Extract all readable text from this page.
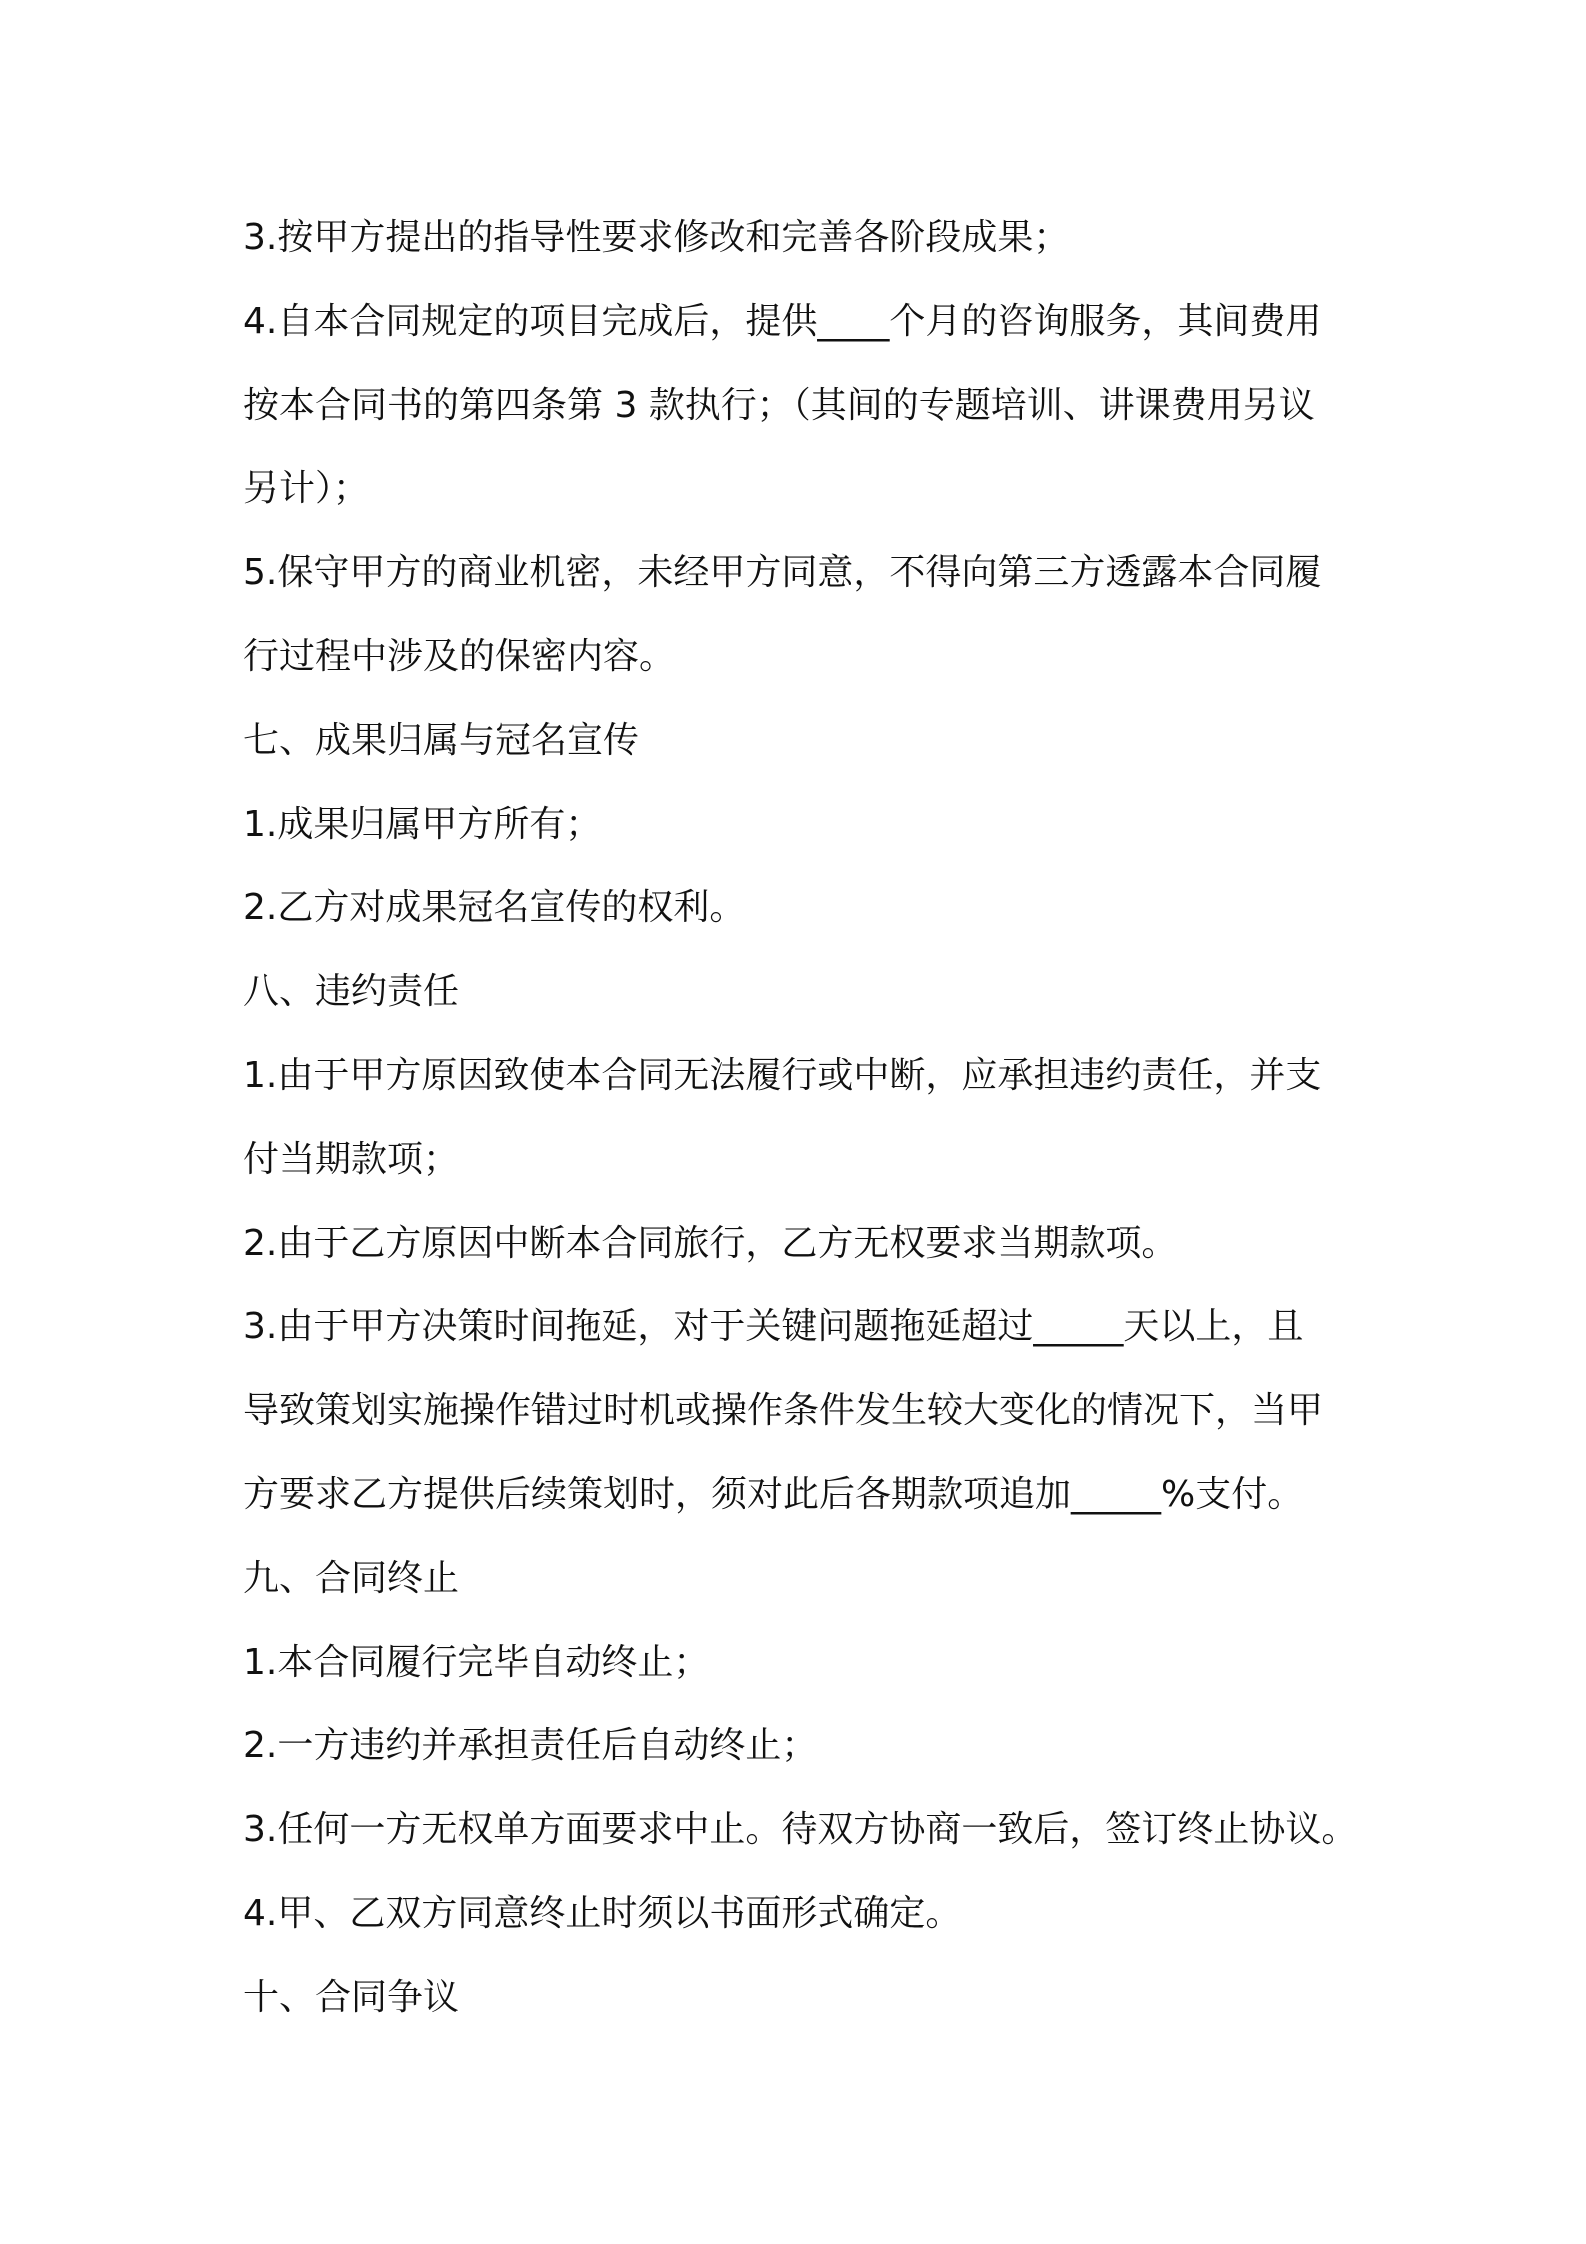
3.按甲方提出的指导性要求修改和完善各阶段成果；

4.自本合同规定的项目完成后，提供____个月的咨询服务，其间费用
按本合同书的第四条第 3 款执行；（其间的专题培训、讲课费用另议
另计）；

5.保守甲方的商业机密，未经甲方同意，不得向第三方透露本合同履
行过程中涉及的保密内容。

七、成果归属与冠名宣传

1.成果归属甲方所有；

2.乙方对成果冠名宣传的权利。

八、违约责任

1.由于甲方原因致使本合同无法履行或中断，应承担违约责任，并支
付当期款项；

2.由于乙方原因中断本合同旅行，乙方无权要求当期款项。

3.由于甲方决策时间拖延，对于关键问题拖延超过_____天以上，且
导致策划实施操作错过时机或操作条件发生较大变化的情况下，当甲
方要求乙方提供后续策划时，须对此后各期款项追加_____%支付。

九、合同终止

1.本合同履行完毕自动终止；

2.一方违约并承担责任后自动终止；

3.任何一方无权单方面要求中止。待双方协商一致后，签订终止协议。

4.甲、乙双方同意终止时须以书面形式确定。

十、合同争议
